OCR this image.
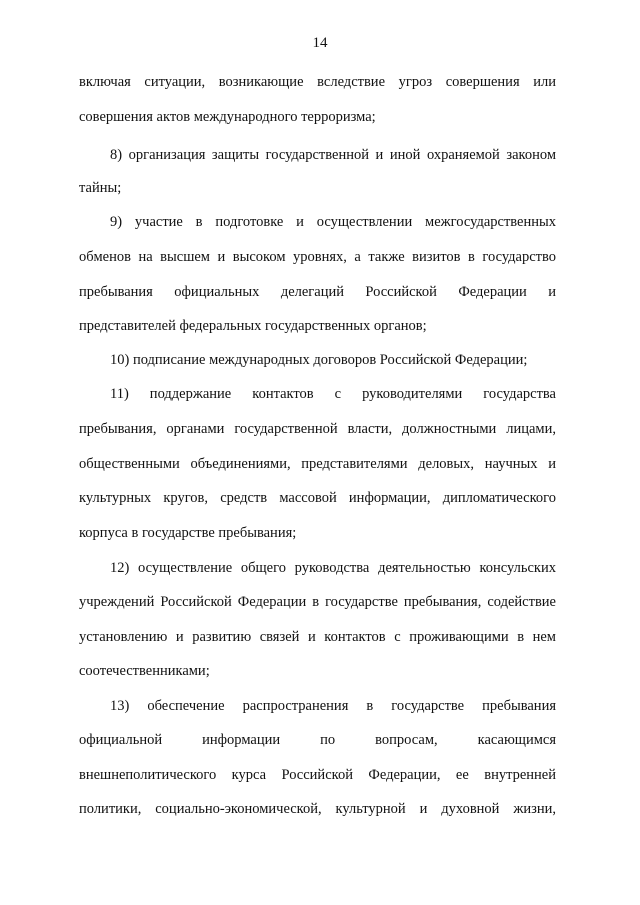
14
включая ситуации, возникающие вследствие угроз совершения или
совершения актов международного терроризма;
8) организация защиты государственной и иной охраняемой законом
тайны;
9) участие в подготовке и осуществлении межгосударственных
обменов на высшем и высоком уровнях, а также визитов в государство
пребывания официальных делегаций Российской Федерации и
представителей федеральных государственных органов;
10) подписание международных договоров Российской Федерации;
11) поддержание контактов с руководителями государства
пребывания, органами государственной власти, должностными лицами,
общественными объединениями, представителями деловых, научных и
культурных кругов, средств массовой информации, дипломатического
корпуса в государстве пребывания;
12) осуществление общего руководства деятельностью консульских
учреждений Российской Федерации в государстве пребывания, содействие
установлению и развитию связей и контактов с проживающими в нем
соотечественниками;
13) обеспечение распространения в государстве пребывания
официальной информации по вопросам, касающимся
внешнеполитического курса Российской Федерации, ее внутренней
политики, социально-экономической, культурной и духовной жизни,
